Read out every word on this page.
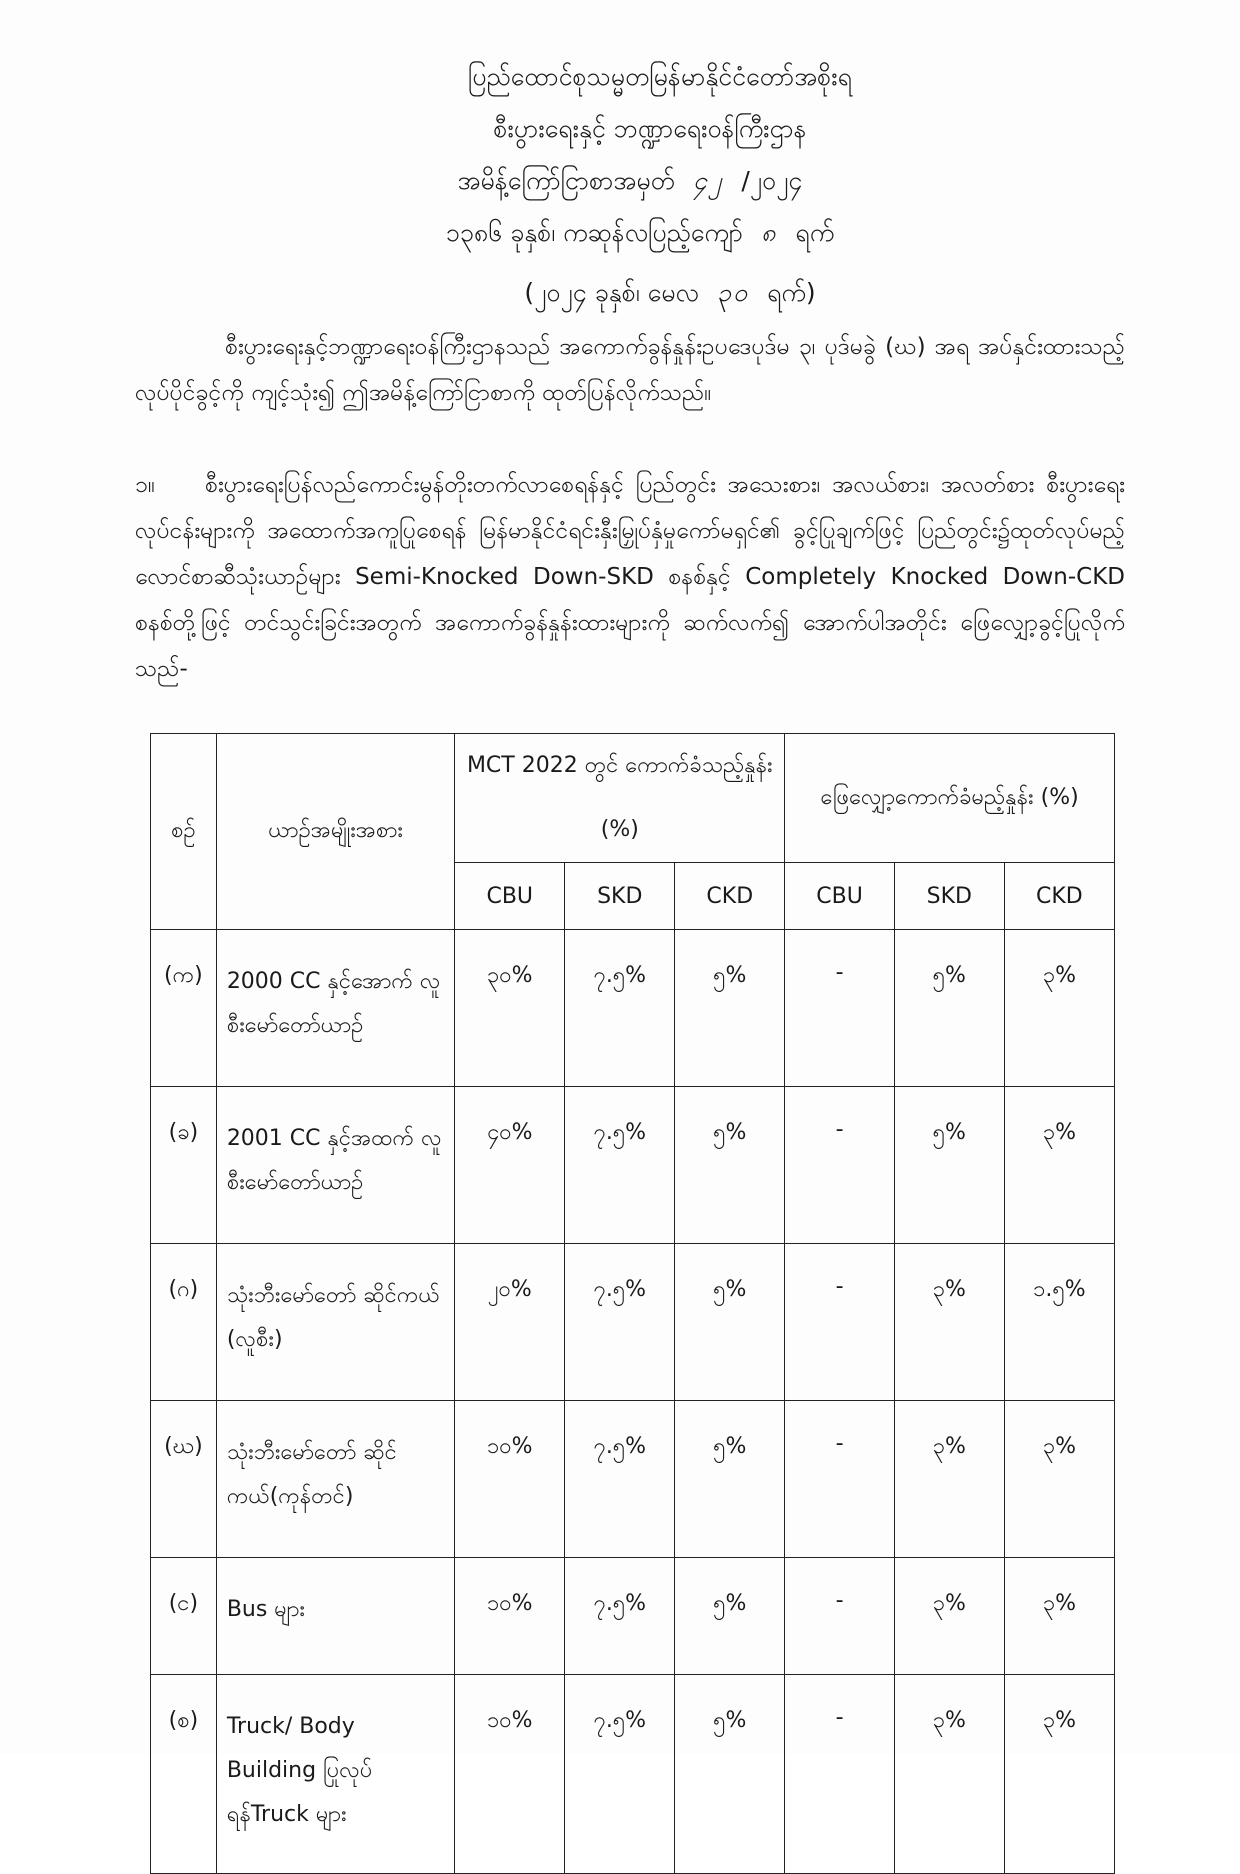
ပြည်ထောင်စုသမ္မတမြန်မာနိုင်ငံတော်အစိုးရ
စီးပွားရေးနှင့် ဘဏ္ဍာရေးဝန်ကြီးဌာန
အမိန့်ကြော်ငြာစာအမှတ် ၄၂ /၂၀၂၄
၁၃၈၆ ခုနှစ်၊ ကဆုန်လပြည့်ကျော် ၈ ရက်
(၂၀၂၄ ခုနှစ်၊ မေလ ၃၀ ရက်)
စီးပွားရေးနှင့်ဘဏ္ဍာရေးဝန်ကြီးဌာနသည် အကောက်ခွန်နှုန်းဥပဒေပုဒ်မ ၃၊ ပုဒ်မခွဲ (ဃ) အရ အပ်နှင်းထားသည့် လုပ်ပိုင်ခွင့်ကို ကျင့်သုံး၍ ဤအမိန့်ကြော်ငြာစာကို ထုတ်ပြန်လိုက်သည်။
၁။ စီးပွားရေးပြန်လည်ကောင်းမွန်တိုးတက်လာစေရန်နှင့် ပြည်တွင်း အသေးစား၊ အလယ်စား၊ အလတ်စား စီးပွားရေးလုပ်ငန်းများကို အထောက်အကူပြုစေရန် မြန်မာနိုင်ငံရင်းနှီးမြှုပ်နှံမှုကော်မရှင်၏ ခွင့်ပြုချက်ဖြင့် ပြည်တွင်း၌ထုတ်လုပ်မည့် လောင်စာဆီသုံးယာဉ်များ Semi-Knocked Down-SKD စနစ်နှင့် Completely Knocked Down-CKD စနစ်တို့ဖြင့် တင်သွင်းခြင်းအတွက် အကောက်ခွန်နှုန်းထားများကို ဆက်လက်၍ အောက်ပါအတိုင်း ဖြေလျှော့ခွင့်ပြုလိုက်သည်-
စဉ်	ယာဉ်အမျိုးအစား	MCT 2022 တွင် ကောက်ခံသည့်နှုန်း (%)			ဖြေလျှော့ကောက်ခံမည့်နှုန်း (%)		
		CBU	SKD	CKD	CBU	SKD	CKD
(က)	2000 CC နှင့်အောက် လူစီးမော်တော်ယာဉ်	၃၀%	၇.၅%	၅%	-	၅%	၃%
(ခ)	2001 CC နှင့်အထက် လူစီးမော်တော်ယာဉ်	၄၀%	၇.၅%	၅%	-	၅%	၃%
(ဂ)	သုံးဘီးမော်တော် ဆိုင်ကယ် (လူစီး)	၂၀%	၇.၅%	၅%	-	၃%	၁.၅%
(ဃ)	သုံးဘီးမော်တော် ဆိုင်ကယ်(ကုန်တင်)	၁၀%	၇.၅%	၅%	-	၃%	၃%
(င)	Bus များ	၁၀%	၇.၅%	၅%	-	၃%	၃%
(စ)	Truck/ Body Building ပြုလုပ်ရန်Truck များ	၁၀%	၇.၅%	၅%	-	၃%	၃%
